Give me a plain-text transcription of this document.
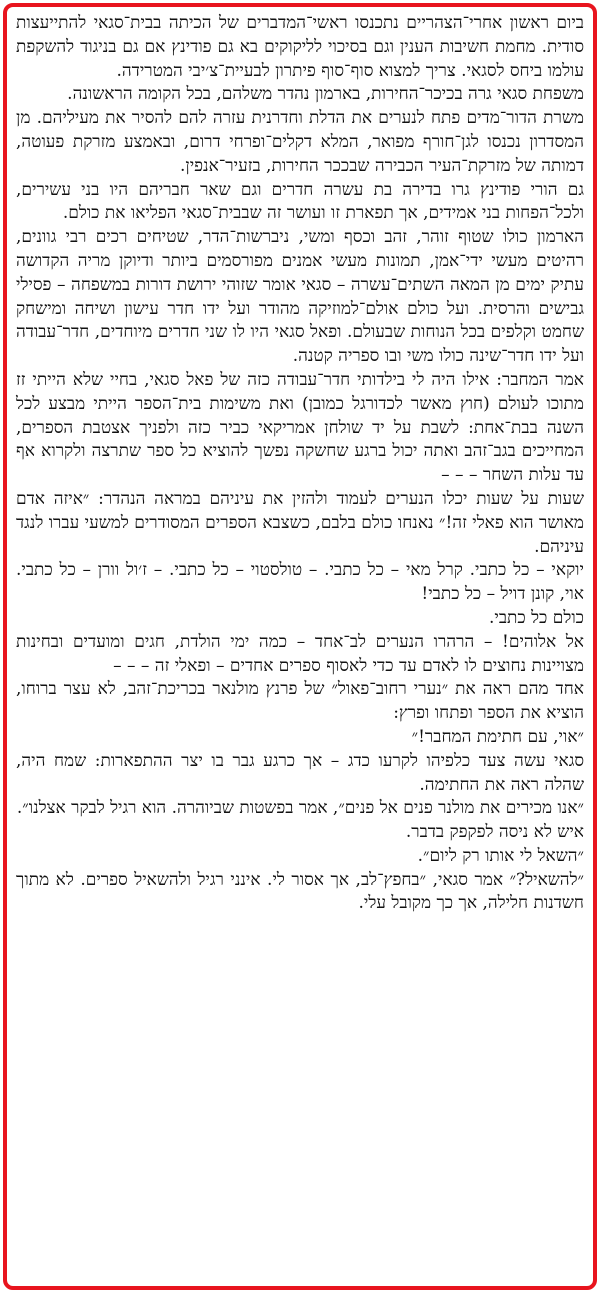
ביום ראשון אחרי־הצהריים נתכנסו ראשי־המדברים של הכיתה בבית־סגאי להתייעצות סודית. מחמת חשיבות הענין וגם בסיכוי לליקוקים בא גם פודינץ אם גם בניגוד להשקפת עולמו ביחס לסגאי. צריך למצוא סוף־סוף פיתרון לבעיית־צ׳יבי המטרידה.

משפחת סגאי גרה בכיכר־החירות, בארמון נהדר משלהם, בכל הקומה הראשונה.

משרת הדור־מדים פתח לנערים את הדלת וחדרנית עזרה להם להסיר את מעיליהם. מן המסדרון נכנסו לגן־חורף מפואר, המלא דקלים־ופרחי דרום, ובאמצע מזרקת פעוטה, דמותה של מזרקת־העיר הכבירה שבככר החירות, בזעיר־אנפין.

גם הורי פודינץ גרו בדירה בת עשרה חדרים וגם שאר חבריהם היו בני עשירים, ולכל־הפחות בני אמידים, אך תפארת זו ועושר זה שבבית־סגאי הפליאו את כולם.

הארמון כולו שטוף זוהר, זהב וכסף ומשי, ניברשות־הדר, שטיחים רכים רבי גוונים, רהיטים מעשי ידי־אמן, תמונות מעשי אמנים מפורסמים ביותר ודיוקן מריה הקדושה עתיק ימים מן המאה השתים־עשרה – סגאי אומר שזוהי ירושת דורות במשפחה – פסילי גבישים והרסית. ועל כולם אולם־למוזיקה מהודר ועל ידו חדר עישון ושיחה ומישחק שחמט וקלפים בכל הנוחות שבעולם. ופאל סגאי היו לו שני חדרים מיוחדים, חדר־עבודה ועל ידו חדר־שינה כולו משי ובו ספריה קטנה.

אמר המחבר: אילו היה לי בילדותי חדר־עבודה כזה של פאל סגאי, בחיי שלא הייתי זז מתוכו לעולם (חוץ מאשר לכדורגל כמובן) ואת משימות בית־הספר הייתי מבצע לכל השנה בבת־אחת: לשבת על יד שולחן אמריקאי כביר כזה ולפניך אצטבת הספרים, המחייכים בגב־זהב ואתה יכול ברגע שחשקה נפשך להוציא כל ספר שתרצה ולקרוא אף עד עלות השחר – – –

שעות על שעות יכלו הנערים לעמוד ולהזין את עיניהם במראה הנהדר: ״איזה אדם מאושר הוא פאלי זה!״ נאנחו כולם בלבם, כשצבא הספרים המסודרים למשעי עברו לנגד עיניהם.

יוקאי – כל כתבי. קרל מאי – כל כתבי. – טולסטוי – כל כתבי. – ז׳ול וורן – כל כתבי. אוי, קונן דויל – כל כתבי!

כולם כל כתבי.

אל אלוהים! – הרהרו הנערים לב־אחד – כמה ימי הולדת, חגים ומועדים ובחינות מצויינות נחוצים לו לאדם עד כדי לאסוף ספרים אחדים – ופאלי זה – – –

אחד מהם ראה את ״נערי רחוב־פאול״ של פרנץ מולנאר בכריכת־זהב, לא עצר ברוחו, הוציא את הספר ופתחו ופרץ:

״אוי, עם חתימת המחבר!״

סגאי עשה צעד כלפיהו לקרעו כדג – אך כרגע גבר בו יצר ההתפארות: שמח היה, שהלה ראה את החתימה.

״אנו מכירים את מולנר פנים אל פנים״, אמר בפשטות שביוהרה. הוא רגיל לבקר אצלנו״.

איש לא ניסה לפקפק בדבר.

״השאל לי אותו רק ליום״.

״להשאיל?״ אמר סגאי, ״בחפץ־לב, אך אסור לי. אינני רגיל ולהשאיל ספרים. לא מתוך חשדנות חלילה, אך כך מקובל עלי.
